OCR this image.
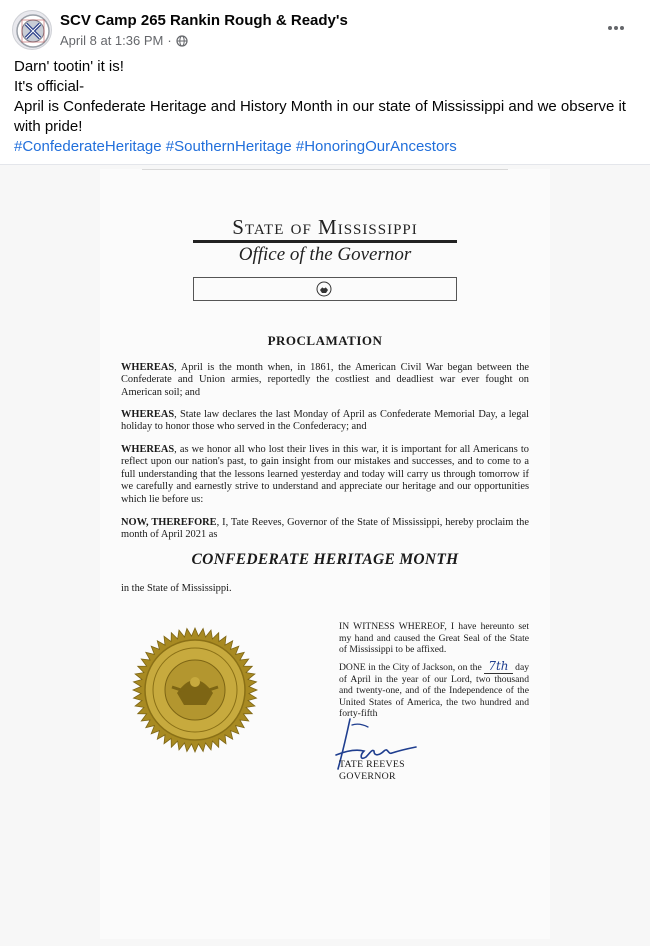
SCV Camp 265 Rankin Rough & Ready's
April 8 at 1:36 PM ·

Darn' tootin' it is!

It's official-

April is Confederate Heritage and History Month in our state of Mississippi and we observe it with pride!

#ConfederateHeritage #SouthernHeritage #HonoringOurAncestors

State of Mississippi
Office of the Governor
PROCLAMATION

WHEREAS, April is the month when, in 1861, the American Civil War began between the Confederate and Union armies, reportedly the costliest and deadliest war ever fought on American soil; and

WHEREAS, State law declares the last Monday of April as Confederate Memorial Day, a legal holiday to honor those who served in the Confederacy; and

WHEREAS, as we honor all who lost their lives in this war, it is important for all Americans to reflect upon our nation's past, to gain insight from our mistakes and successes, and to come to a full understanding that the lessons learned yesterday and today will carry us through tomorrow if we carefully and earnestly strive to understand and appreciate our heritage and our opportunities which lie before us:

NOW, THEREFORE, I, Tate Reeves, Governor of the State of Mississippi, hereby proclaim the month of April 2021 as

CONFEDERATE HERITAGE MONTH

in the State of Mississippi.

IN WITNESS WHEREOF, I have hereunto set my hand and caused the Great Seal of the State of Mississippi to be affixed.

DONE in the City of Jackson, on the 7th day of April in the year of our Lord, two thousand and twenty-one, and of the Independence of the United States of America, the two hundred and forty-fifth

TATE REEVES
GOVERNOR
